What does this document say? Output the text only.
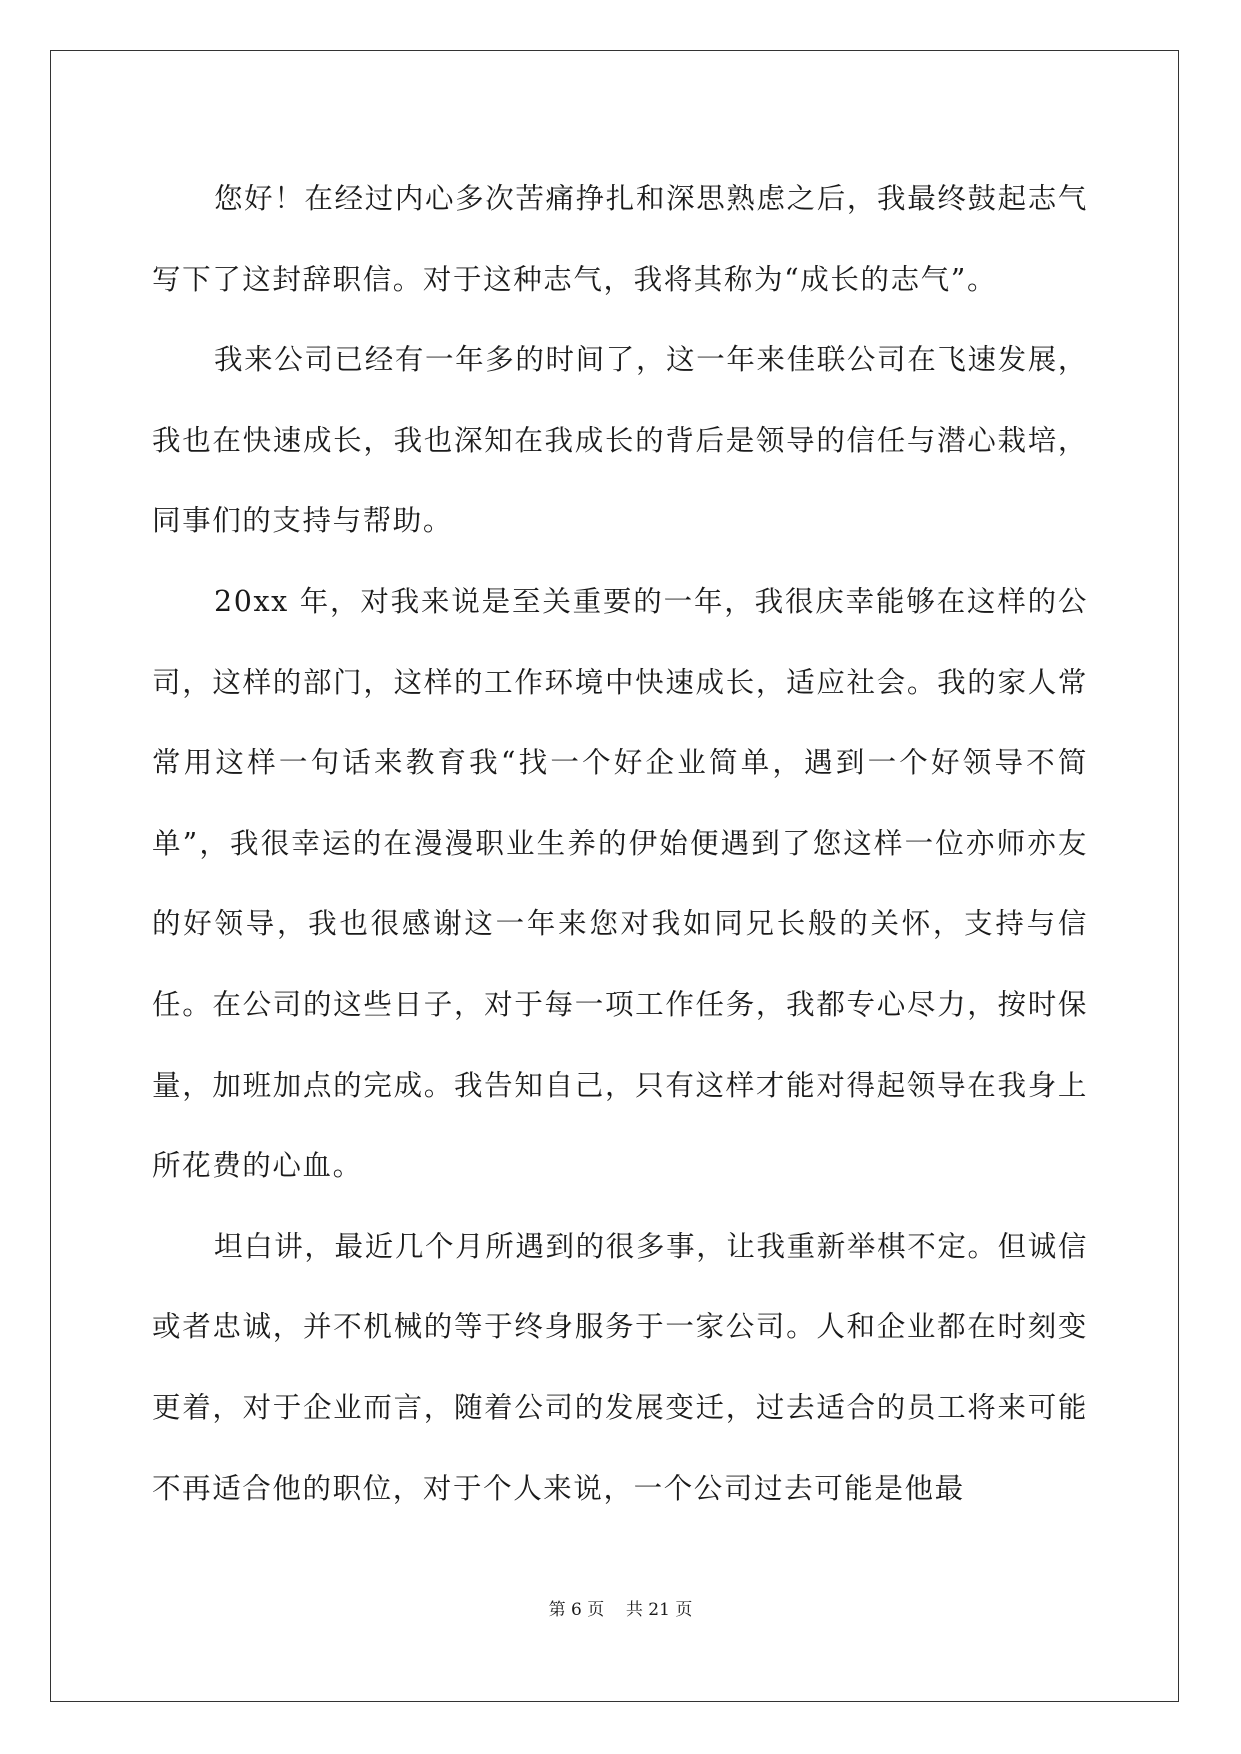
您好！在经过内心多次苦痛挣扎和深思熟虑之后，我最终鼓起志气写下了这封辞职信。对于这种志气，我将其称为“成长的志气”。

我来公司已经有一年多的时间了，这一年来佳联公司在飞速发展，我也在快速成长，我也深知在我成长的背后是领导的信任与潜心栽培，同事们的支持与帮助。

20xx 年，对我来说是至关重要的一年，我很庆幸能够在这样的公司，这样的部门，这样的工作环境中快速成长，适应社会。我的家人常常用这样一句话来教育我“找一个好企业简单，遇到一个好领导不简单”，我很幸运的在漫漫职业生养的伊始便遇到了您这样一位亦师亦友的好领导，我也很感谢这一年来您对我如同兄长般的关怀，支持与信任。在公司的这些日子，对于每一项工作任务，我都专心尽力，按时保量，加班加点的完成。我告知自己，只有这样才能对得起领导在我身上所花费的心血。

坦白讲，最近几个月所遇到的很多事，让我重新举棋不定。但诚信或者忠诚，并不机械的等于终身服务于一家公司。人和企业都在时刻变更着，对于企业而言，随着公司的发展变迁，过去适合的员工将来可能不再适合他的职位，对于个人来说，一个公司过去可能是他最

第 6 页 共 21 页
